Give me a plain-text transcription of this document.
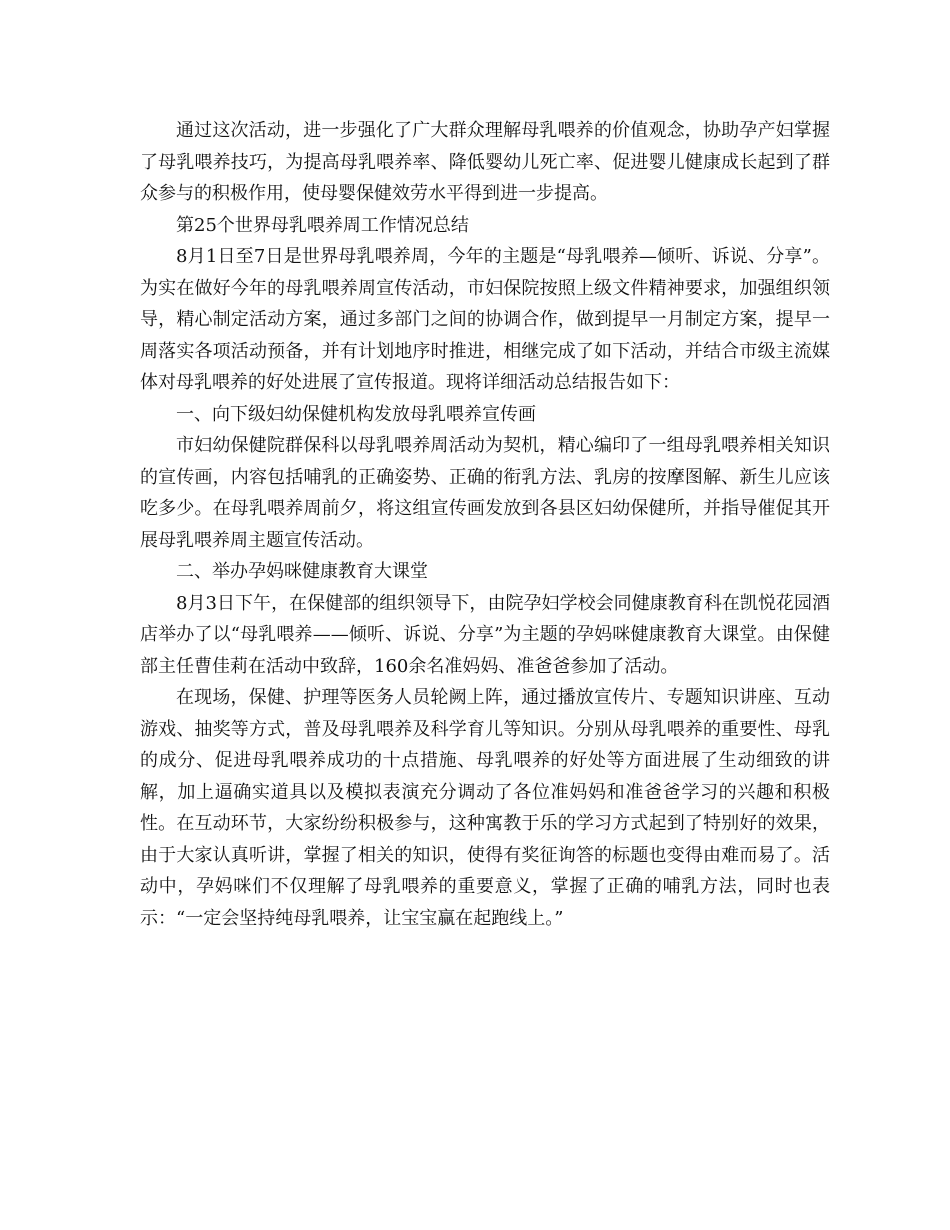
通过这次活动，进一步强化了广大群众理解母乳喂养的价值观念，协助孕产妇掌握了母乳喂养技巧，为提高母乳喂养率、降低婴幼儿死亡率、促进婴儿健康成长起到了群众参与的积极作用，使母婴保健效劳水平得到进一步提高。

第25个世界母乳喂养周工作情况总结

8月1日至7日是世界母乳喂养周，今年的主题是“母乳喂养—倾听、诉说、分享”。为实在做好今年的母乳喂养周宣传活动，市妇保院按照上级文件精神要求，加强组织领导，精心制定活动方案，通过多部门之间的协调合作，做到提早一月制定方案，提早一周落实各项活动预备，并有计划地序时推进，相继完成了如下活动，并结合市级主流媒体对母乳喂养的好处进展了宣传报道。现将详细活动总结报告如下：

一、向下级妇幼保健机构发放母乳喂养宣传画

市妇幼保健院群保科以母乳喂养周活动为契机，精心编印了一组母乳喂养相关知识的宣传画，内容包括哺乳的正确姿势、正确的衔乳方法、乳房的按摩图解、新生儿应该吃多少。在母乳喂养周前夕，将这组宣传画发放到各县区妇幼保健所，并指导催促其开展母乳喂养周主题宣传活动。

二、举办孕妈咪健康教育大课堂

8月3日下午，在保健部的组织领导下，由院孕妇学校会同健康教育科在凯悦花园酒店举办了以“母乳喂养——倾听、诉说、分享”为主题的孕妈咪健康教育大课堂。由保健部主任曹佳莉在活动中致辞，160余名准妈妈、准爸爸参加了活动。

在现场，保健、护理等医务人员轮阙上阵，通过播放宣传片、专题知识讲座、互动游戏、抽奖等方式，普及母乳喂养及科学育儿等知识。分别从母乳喂养的重要性、母乳的成分、促进母乳喂养成功的十点措施、母乳喂养的好处等方面进展了生动细致的讲解，加上逼确实道具以及模拟表演充分调动了各位准妈妈和准爸爸学习的兴趣和积极性。在互动环节，大家纷纷积极参与，这种寓教于乐的学习方式起到了特别好的效果，由于大家认真听讲，掌握了相关的知识，使得有奖征询答的标题也变得由难而易了。活动中，孕妈咪们不仅理解了母乳喂养的重要意义，掌握了正确的哺乳方法，同时也表示：“一定会坚持纯母乳喂养，让宝宝赢在起跑线上。”
